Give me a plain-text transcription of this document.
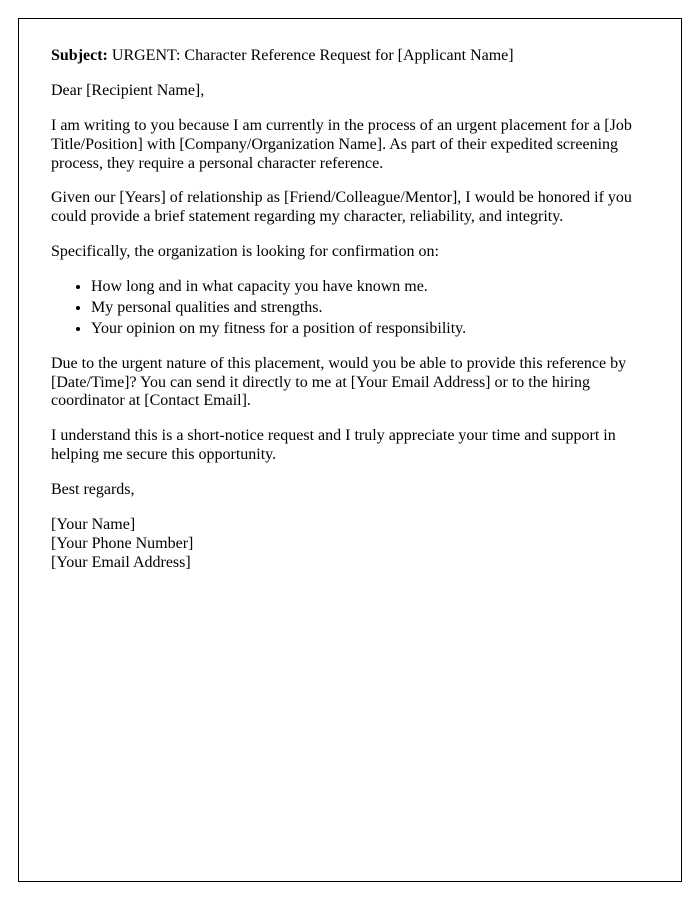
Subject: URGENT: Character Reference Request for [Applicant Name]

Dear [Recipient Name],

I am writing to you because I am currently in the process of an urgent placement for a [Job Title/Position] with [Company/Organization Name]. As part of their expedited screening process, they require a personal character reference.

Given our [Years] of relationship as [Friend/Colleague/Mentor], I would be honored if you could provide a brief statement regarding my character, reliability, and integrity.

Specifically, the organization is looking for confirmation on:

• How long and in what capacity you have known me.
• My personal qualities and strengths.
• Your opinion on my fitness for a position of responsibility.

Due to the urgent nature of this placement, would you be able to provide this reference by [Date/Time]? You can send it directly to me at [Your Email Address] or to the hiring coordinator at [Contact Email].

I understand this is a short-notice request and I truly appreciate your time and support in helping me secure this opportunity.

Best regards,

[Your Name]

[Your Phone Number]

[Your Email Address]
